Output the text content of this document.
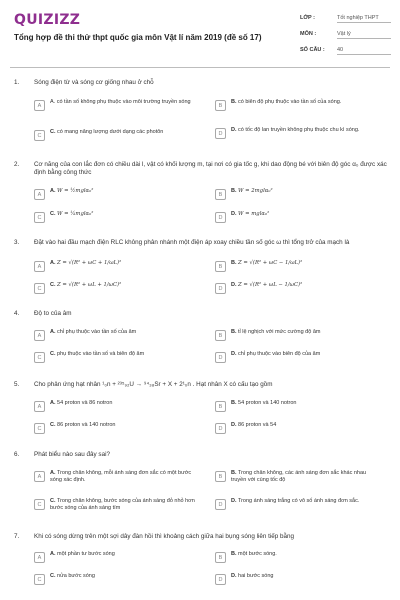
QUIZIZZ
Tổng hợp đề thi thử thpt quốc gia môn Vật lí năm 2019 (đề số 17)
LỚP :	Tốt nghiệp THPT
MÔN :	Vật lý
SỐ CÂU : 40
1. Sóng điện từ và sóng cơ giống nhau ở chỗ
A
A. có tần số không phụ thuộc vào môi trường truyền sóng
B
B. có biên độ phụ thuộc vào tần số của sóng.
C
C. có mang năng lượng dưới dạng các photôn	D
D. có tốc độ lan truyền không phụ thuộc chu kì sóng.
2. Cơ năng của con lắc đơn có chiều dài l, vật có khối lượng m, tại nơi có gia tốc g, khi dao động bé với biên độ góc α₀ được xác định bằng công thức
A
A. W = ½mglα₀²
B
B. W = 2mglα₀²
C
C. W = ¼mglα₀²
D
D. W = mglα₀²
3. Đặt vào hai đầu mạch điện RLC không phân nhánh một điện áp xoay chiều tần số góc ω thì tổng trở của mạch là
A
A. Z = √(R² + ωC + 1/ωL)²
B
B. Z = √(R² + ωC − 1/ωL)²
C
C. Z = √(R² + ωL + 1/ωC)²
D
D. Z = √(R² + ωL − 1/ωC)²
4. Độ to của âm
A
A. chỉ phụ thuộc vào tần số của âm
B
B. tỉ lệ nghịch với mức cường độ âm
C
C. phụ thuộc vào tần số và biên độ âm
D
D. chỉ phụ thuộc vào biên độ của âm
5. Cho phản ứng hạt nhân ¹₀n + ²³⁵₉₂U → ⁹⁴₃₈Sr + X + 2¹₀n . Hạt nhân X có cấu tạo gồm
A
A. 54 proton và 86 notron
B
B. 54 proton và 140 notron
C
C. 86 proton và 140 notron
D
D. 86 proton và 54
6. Phát biểu nào sau đây sai?
A
A. Trong chân không, mỗi ánh sáng đơn sắc có một bước sóng xác định.	B
B. Trong chân không, các ánh sáng đơn sắc khác nhau truyền với cùng tốc độ
C
C. Trong chân không, bước sóng của ánh sáng đỏ nhỏ hơn bước sóng của ánh sáng tím	D
D. Trong ánh sáng trắng có vô số ánh sáng đơn sắc.
7. Khi có sóng dừng trên một sợi dây đàn hồi thì khoảng cách giữa hai bụng sóng liên tiếp bằng
A
A. một phần tư bước sóng
B
B. một bước sóng.
C
C. nửa bước sóng
D
D. hai bước sóng
